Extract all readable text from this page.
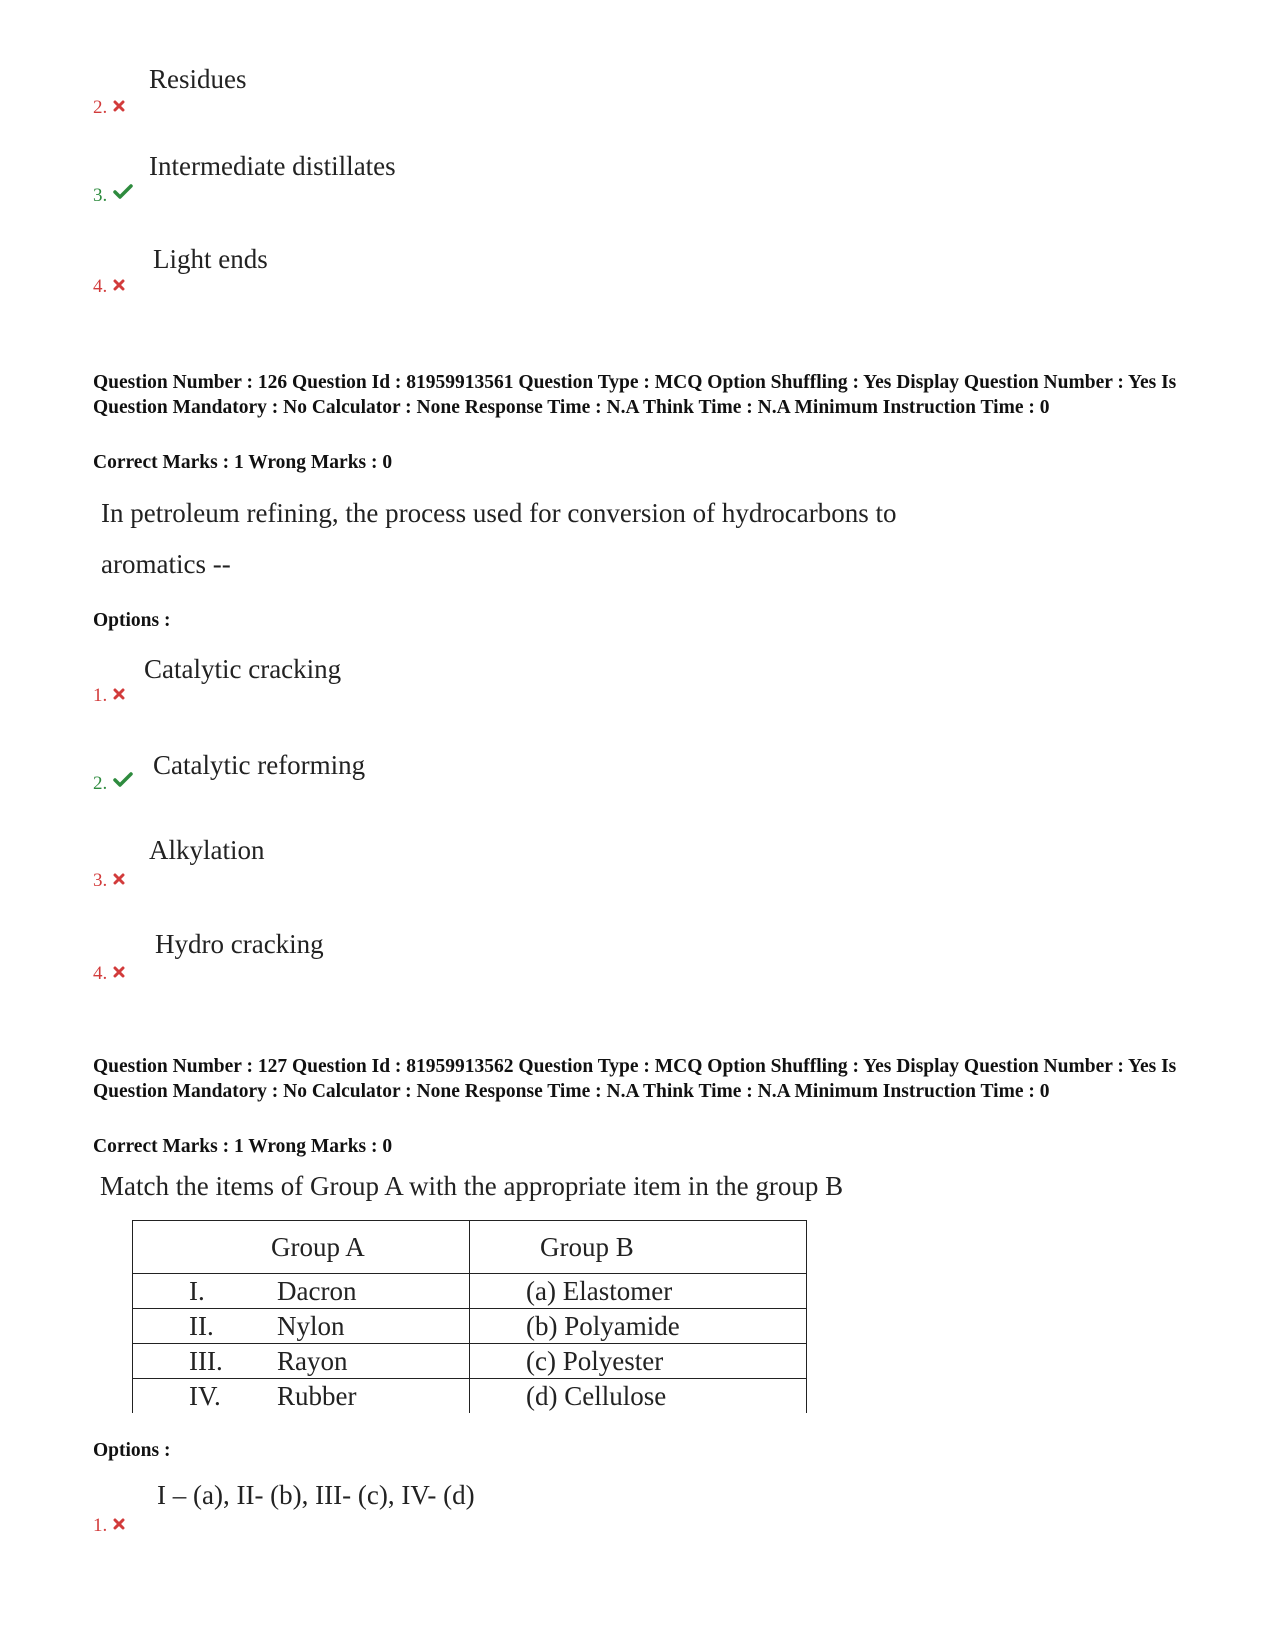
Residues
2.
Intermediate distillates
3.
Light ends
4.
Question Number : 126 Question Id : 81959913561 Question Type : MCQ Option Shuffling : Yes Display Question Number : Yes Is Question Mandatory : No Calculator : None Response Time : N.A Think Time : N.A Minimum Instruction Time : 0
Correct Marks : 1 Wrong Marks : 0
In petroleum refining, the process used for conversion of hydrocarbons to
aromatics --
Options :
Catalytic cracking
1.
Catalytic reforming
2.
Alkylation
3.
Hydro cracking
4.
Question Number : 127 Question Id : 81959913562 Question Type : MCQ Option Shuffling : Yes Display Question Number : Yes Is Question Mandatory : No Calculator : None Response Time : N.A Think Time : N.A Minimum Instruction Time : 0
Correct Marks : 1 Wrong Marks : 0
Match the items of Group A with the appropriate item in the group B
Group A	Group B
I. Dacron	(a) Elastomer
II. Nylon	(b) Polyamide
III. Rayon	(c) Polyester
IV. Rubber	(d) Cellulose
Options :
I – (a), II- (b), III- (c), IV- (d)
1.
